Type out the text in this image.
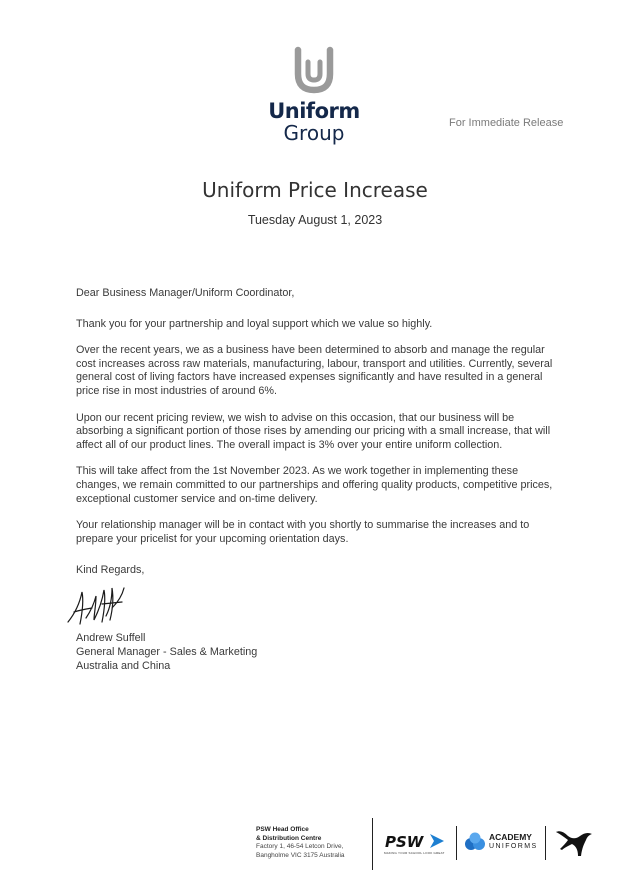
Uniform
Group	For Immediate Release
Uniform Price Increase
Tuesday August 1, 2023

Dear Business Manager/Uniform Coordinator,

Thank you for your partnership and loyal support which we value so highly.

Over the recent years, we as a business have been determined to absorb and manage the regular cost increases across raw materials, manufacturing, labour, transport and utilities. Currently, several general cost of living factors have increased expenses significantly and have resulted in a general price rise in most industries of around 6%.

Upon our recent pricing review, we wish to advise on this occasion, that our business will be absorbing a significant portion of those rises by amending our pricing with a small increase, that will affect all of our product lines. The overall impact is 3% over your entire uniform collection.

This will take affect from the 1st November 2023. As we work together in implementing these changes, we remain committed to our partnerships and offering quality products, competitive prices, exceptional customer service and on-time delivery.

Your relationship manager will be in contact with you shortly to summarise the increases and to prepare your pricelist for your upcoming orientation days.

Kind Regards,
Andrew Suffell
General Manager - Sales & Marketing
Australia and China
PSW Head Office
& Distribution Centre
Factory 1, 46-54 Letcon Drive,
Bangholme VIC 3175 Australia
PSW
MAKING YOUR SCHOOL LOOK GREAT
ACADEMY
UNIFORMS
